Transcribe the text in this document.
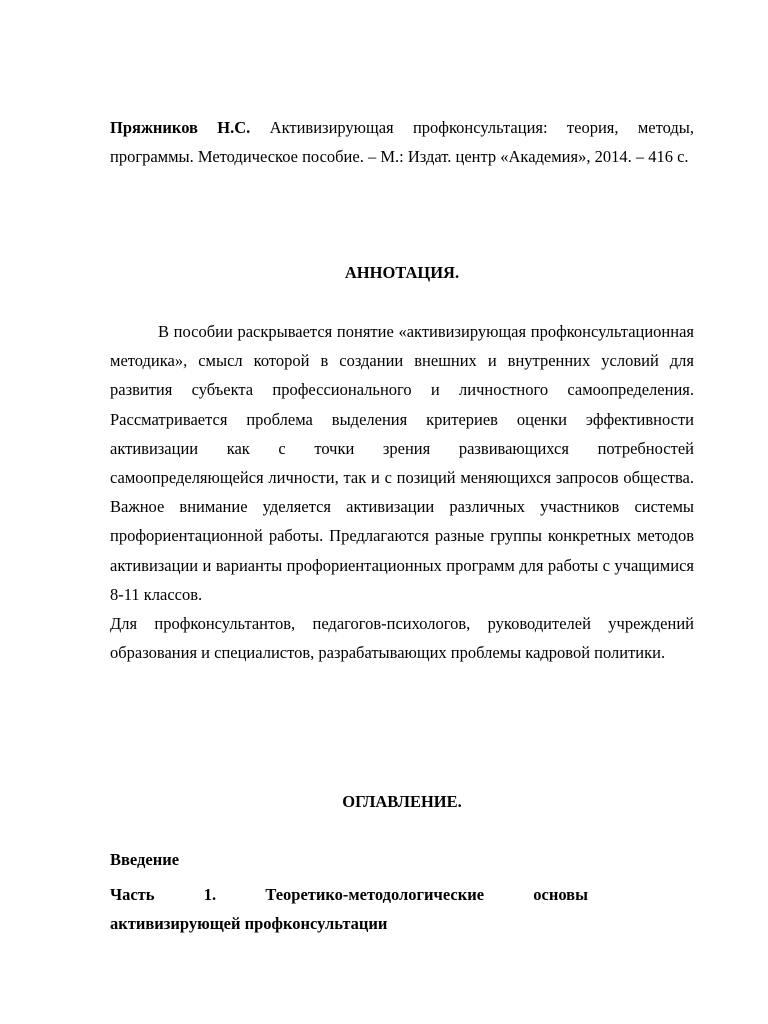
Пряжников Н.С. Активизирующая профконсультация: теория, методы, программы. Методическое пособие. – М.: Издат. центр «Академия», 2014. – 416 с.
АННОТАЦИЯ.

В пособии раскрывается понятие «активизирующая профконсультационная методика», смысл которой в создании внешних и внутренних условий для развития субъекта профессионального и личностного самоопределения. Рассматривается проблема выделения критериев оценки эффективности активизации как с точки зрения развивающихся потребностей самоопределяющейся личности, так и с позиций меняющихся запросов общества. Важное внимание уделяется активизации различных участников системы профориентационной работы. Предлагаются разные группы конкретных методов активизации и варианты профориентационных программ для работы с учащимися 8-11 классов.

Для профконсультантов, педагогов-психологов, руководителей учреждений образования и специалистов, разрабатывающих проблемы кадровой политики.

ОГЛАВЛЕНИЕ.

Введение

Часть	1.	Теоретико-методологические	основы
активизирующей профконсультации
